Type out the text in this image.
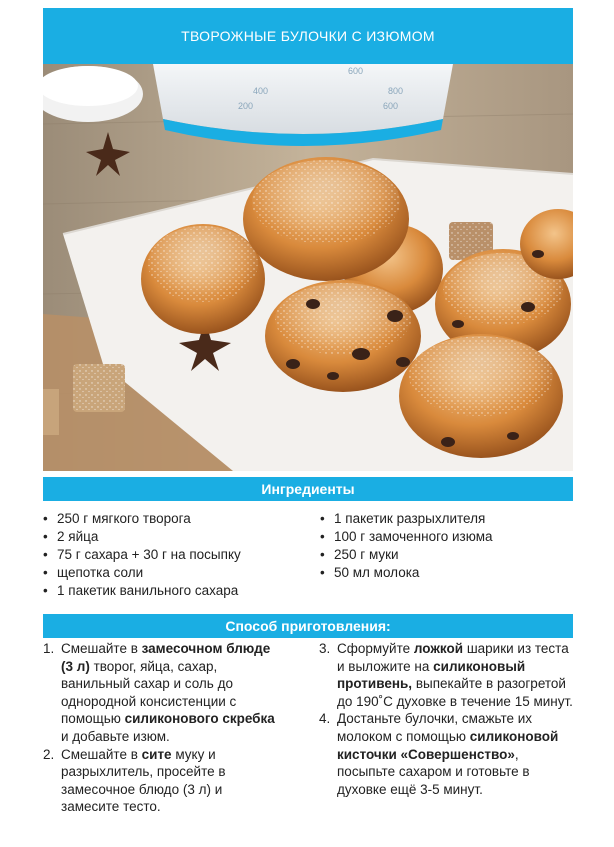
ТВОРОЖНЫЕ БУЛОЧКИ С ИЗЮМОМ
600
400
200
800
600
Ингредиенты
• 250 г мягкого творога
• 2 яйца
• 75 г сахара + 30 г на посыпку
• щепотка соли
• 1 пакетик ванильного сахара
• 1 пакетик разрыхлителя
• 100 г замоченного изюма
• 250 г муки
• 50 мл молока
Способ приготовления:
1. Смешайте в замесочном блюде (3 л) творог, яйца, сахар, ванильный сахар и соль до однородной консистенции с помощью силиконового скребка и добавьте изюм.
2. Смешайте в сите муку и разрыхлитель, просейте в замесочное блюдо (3 л) и замесите тесто.
3. Сформуйте ложкой шарики из теста и выложите на силиконовый противень, выпекайте в разогретой до 190˚С духовке в течение 15 минут.
4. Достаньте булочки, смажьте их молоком с помощью силиконовой кисточки «Совершенство», посыпьте сахаром и готовьте в духовке ещё 3-5 минут.
